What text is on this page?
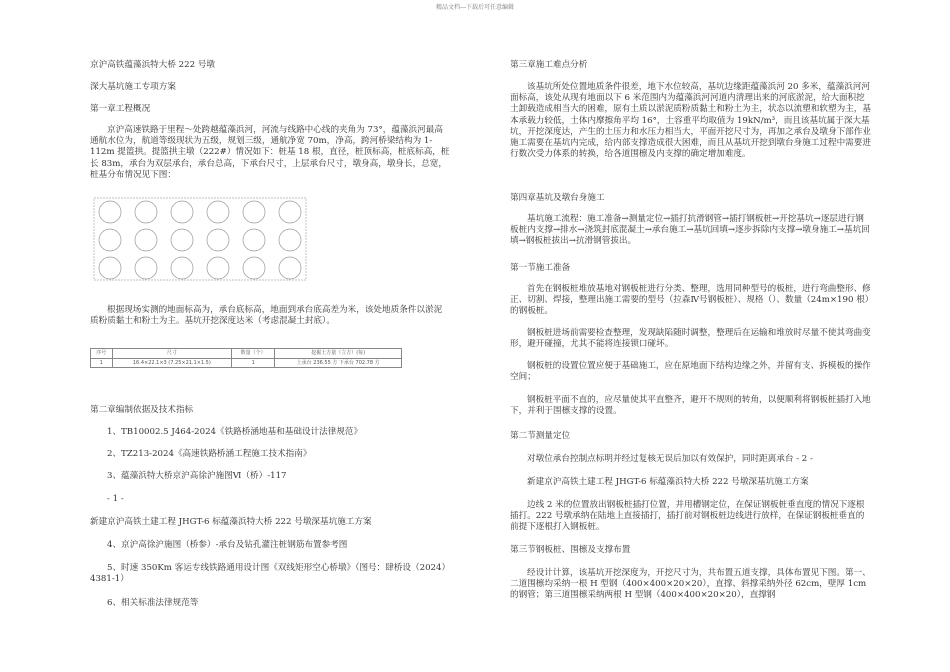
精品文档---下载后可任意编辑

京沪高铁蕴藻浜特大桥 222 号墩

深大基坑施工专项方案

第一章工程概况

京沪高速铁路于里程～处跨越蕴藻浜河，河流与线路中心线的夹角为 73°，蕴藻浜河最高通航水位为，航道等级现状为五级，规划三级，通航净宽 70m，净高，跨河桥梁结构为 1-112m 提篮拱。提篮拱主墩（222#）情况如下：桩基 18 根，直径，桩顶标高，桩底标高，桩长 83m，承台为双层承台，承台总高，下承台尺寸，上层承台尺寸，墩身高，墩身长，总宽，桩基分布情况见下图：

根据现场实测的地面标高为，承台底标高，地面到承台底高差为米，该处地质条件以淤泥质粉质黏土和粉土为主。基坑开挖深度达米（考虑混凝土封底）。

序号	尺寸	数量（个）	挖掘土方量（立方）(每)
1	16.4×22.1×3 (7.25×21.1×1.5)	1	上承台 236.55 方 下承台 702.78 方

第二章编制依据及技术指标

1、TB10002.5 J464-2024《铁路桥涵地基和基础设计法律规范》

2、TZ213-2024《高速铁路桥涵工程施工技术指南》

3、蕴藻浜特大桥京沪高徐沪施图Ⅵ（桥）-117

- 1 -

新建京沪高铁土建工程 JHGT-6 标蕴藻浜特大桥 222 号墩深基坑施工方案

4、京沪高徐沪施图（桥参）-承台及钻孔灌注桩钢筋布置参考图

5、时速 350Km 客运专线铁路通用设计图《双线矩形空心桥墩》（图号：肆桥设（2024）4381-1）

6、相关标准法律规范等

第三章施工难点分析

该基坑所处位置地质条件很差，地下水位较高，基坑边缘距蕴藻浜河 20 多米，蕴藻浜河河面标高，该处从现有地面以下 6 米范围内为蕴藻浜河河道内清理出来的河底淤泥，给大面积挖土卸载造成相当大的困难，原有土质以淤泥质粉质黏土和粉土为主，状态以流塑和软塑为主，基本承载力较低，土体内摩擦角平均 16°，土容重平均取值为 19kN/m³，而且该基坑属于深大基坑，开挖深度达，产生的土压力和水压力相当大，平面开挖尺寸为，再加之承台及墩身下部作业施工需要在基坑内完成，给内部支撑造成很大困难，而且从基坑开挖到墩台身施工过程中需要进行数次受力体系的转换，给各道围檩及内支撑的确定增加难度。

第四章基坑及墩台身施工

基坑施工流程：施工准备→测量定位→插打抗滑钢管→插打钢板桩→开挖基坑→逐层进行钢板桩内支撑→排水→浇筑封底混凝土→承台施工→基坑回填→逐步拆除内支撑→墩身施工→基坑回填→钢板桩拔出→抗滑钢管拔出。

第一节施工准备

首先在钢板桩堆放基地对钢板桩进行分类、整理，选用同种型号的板桩，进行弯曲整形、修正、切割、焊接，整理出施工需要的型号（拉森Ⅳ号钢板桩）、规格（）、数量（24m×190 根）的钢板桩。

钢板桩进场前需要检查整理，发现缺陷随时调整，整理后在运输和堆放时尽量不使其弯曲变形，避开碰撞，尤其不能将连接锁口碰坏。

钢板桩的设置位置应便于基础施工，应在原地面下结构边缘之外，并留有支、拆模板的操作空间；

钢板桩平面不直的，应尽量使其平直整齐，避开不规则的转角，以便顺利将钢板桩插打入地下，并利于围檩支撑的设置。

第二节测量定位

对墩位承台控制点标明并经过复核无误后加以有效保护，同时距离承台 - 2 -

新建京沪高铁土建工程 JHGT-6 标蕴藻浜特大桥 222 号墩深基坑施工方案

边线 2 米的位置放出钢板桩插打位置，并用槽钢定位，在保证钢板桩垂直度的情况下逐根插打。222 号墩承纳在陆地上直接插打，插打前对钢板桩边线进行放样，在保证钢板桩垂直的前提下逐根打入钢板桩。

第三节钢板桩、围檩及支撑布置

经设计计算，该基坑开挖深度为，开挖尺寸为，共布置五道支撑，具体布置见下图。第一、二道围檩均采纳一根 H 型钢（400×400×20×20），直撑、斜撑采纳外径 62cm，壁厚 1cm 的钢管；第三道围檩采纳两根 H 型钢（400×400×20×20），直撑钢
